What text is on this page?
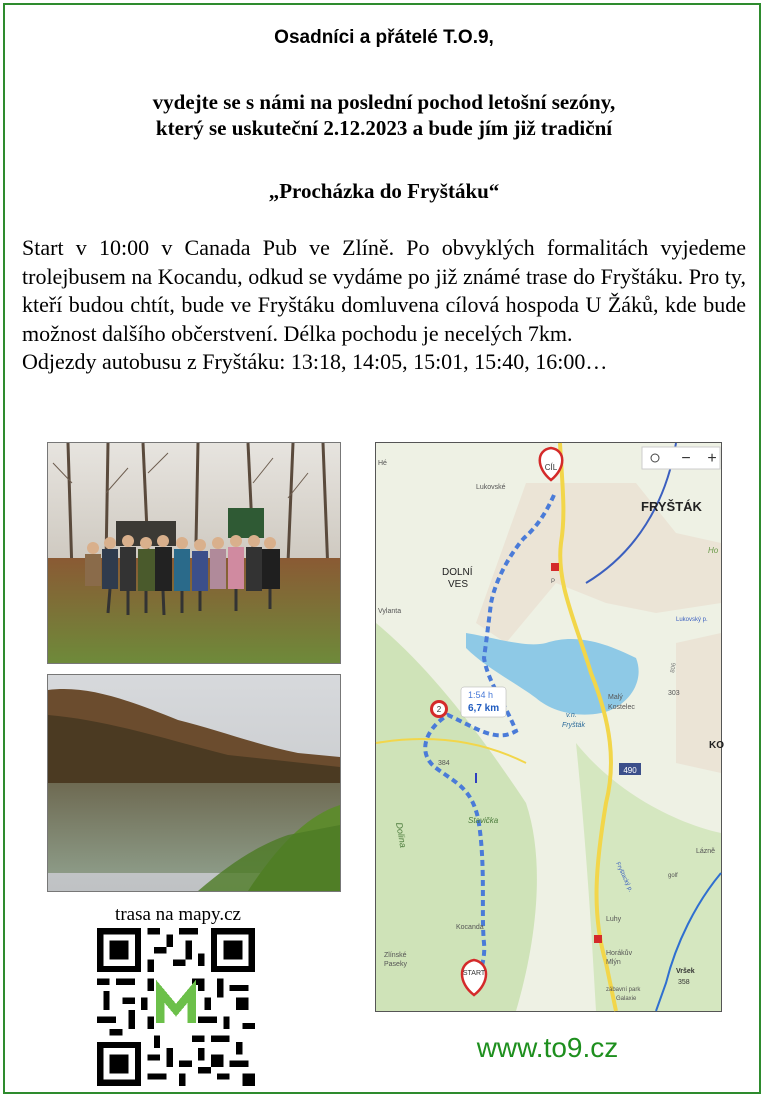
Osadníci a přátelé T.O.9,
vydejte se s námi na poslední pochod letošní sezóny,
který se uskuteční 2.12.2023 a bude jím již tradiční
„Procházka do Fryštáku“

Start v 10:00 v Canada Pub ve Zlíně. Po obvyklých formalitách vyjedeme trolejbusem na Kocandu, odkud se vydáme po již známé trase do Fryštáku. Pro ty, kteří budou chtít, bude ve Fryštáku domluvena cílová hospoda U Žáků, kde bude možnost dalšího občerstvení. Délka pochodu je necelých 7km.

Odjezdy autobusu z Fryštáku: 13:18, 14:05, 15:01, 15:40, 16:00…

trasa na mapy.cz
1:54 h
6,7 km
CÍL
2
START
− +
FRYŠTÁK
DOLNÍ
VES
Lukovské
Hé
Vylanta
Malý
Kostelec
v.n.
Fryšták
Kocanda
Zlínské
Paseky
Horákův
Mlýn
Luhy
Dolina
Stavička
Vršek
358
Lázně
zábavní park
Galaxie
Lukovský p.
Fryštacký p.
KO
490
384
303
806
golf
Ho
P
www.to9.cz
